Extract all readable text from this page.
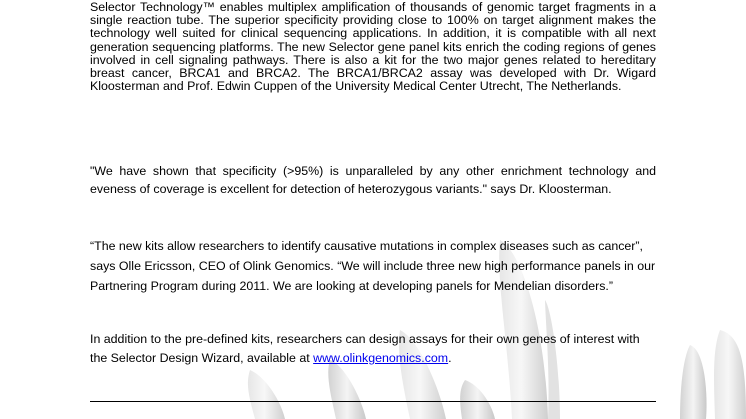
Selector Technology™ enables multiplex amplification of thousands of genomic target fragments in a single reaction tube. The superior specificity providing close to 100% on target alignment makes the technology well suited for clinical sequencing applications. In addition, it is compatible with all next generation sequencing platforms. The new Selector gene panel kits enrich the coding regions of genes involved in cell signaling pathways. There is also a kit for the two major genes related to hereditary breast cancer, BRCA1 and BRCA2. The BRCA1/BRCA2 assay was developed with Dr. Wigard Kloosterman and Prof. Edwin Cuppen of the University Medical Center Utrecht, The Netherlands.

"We have shown that specificity (>95%) is unparalleled by any other enrichment technology and eveness of coverage is excellent for detection of heterozygous variants." says Dr. Kloosterman.

“The new kits allow researchers to identify causative mutations in complex diseases such as cancer”, says Olle Ericsson, CEO of Olink Genomics. “We will include three new high performance panels in our Partnering Program during 2011. We are looking at developing panels for Mendelian disorders.”

In addition to the pre-defined kits, researchers can design assays for their own genes of interest with the Selector Design Wizard, available at www.olinkgenomics.com.
